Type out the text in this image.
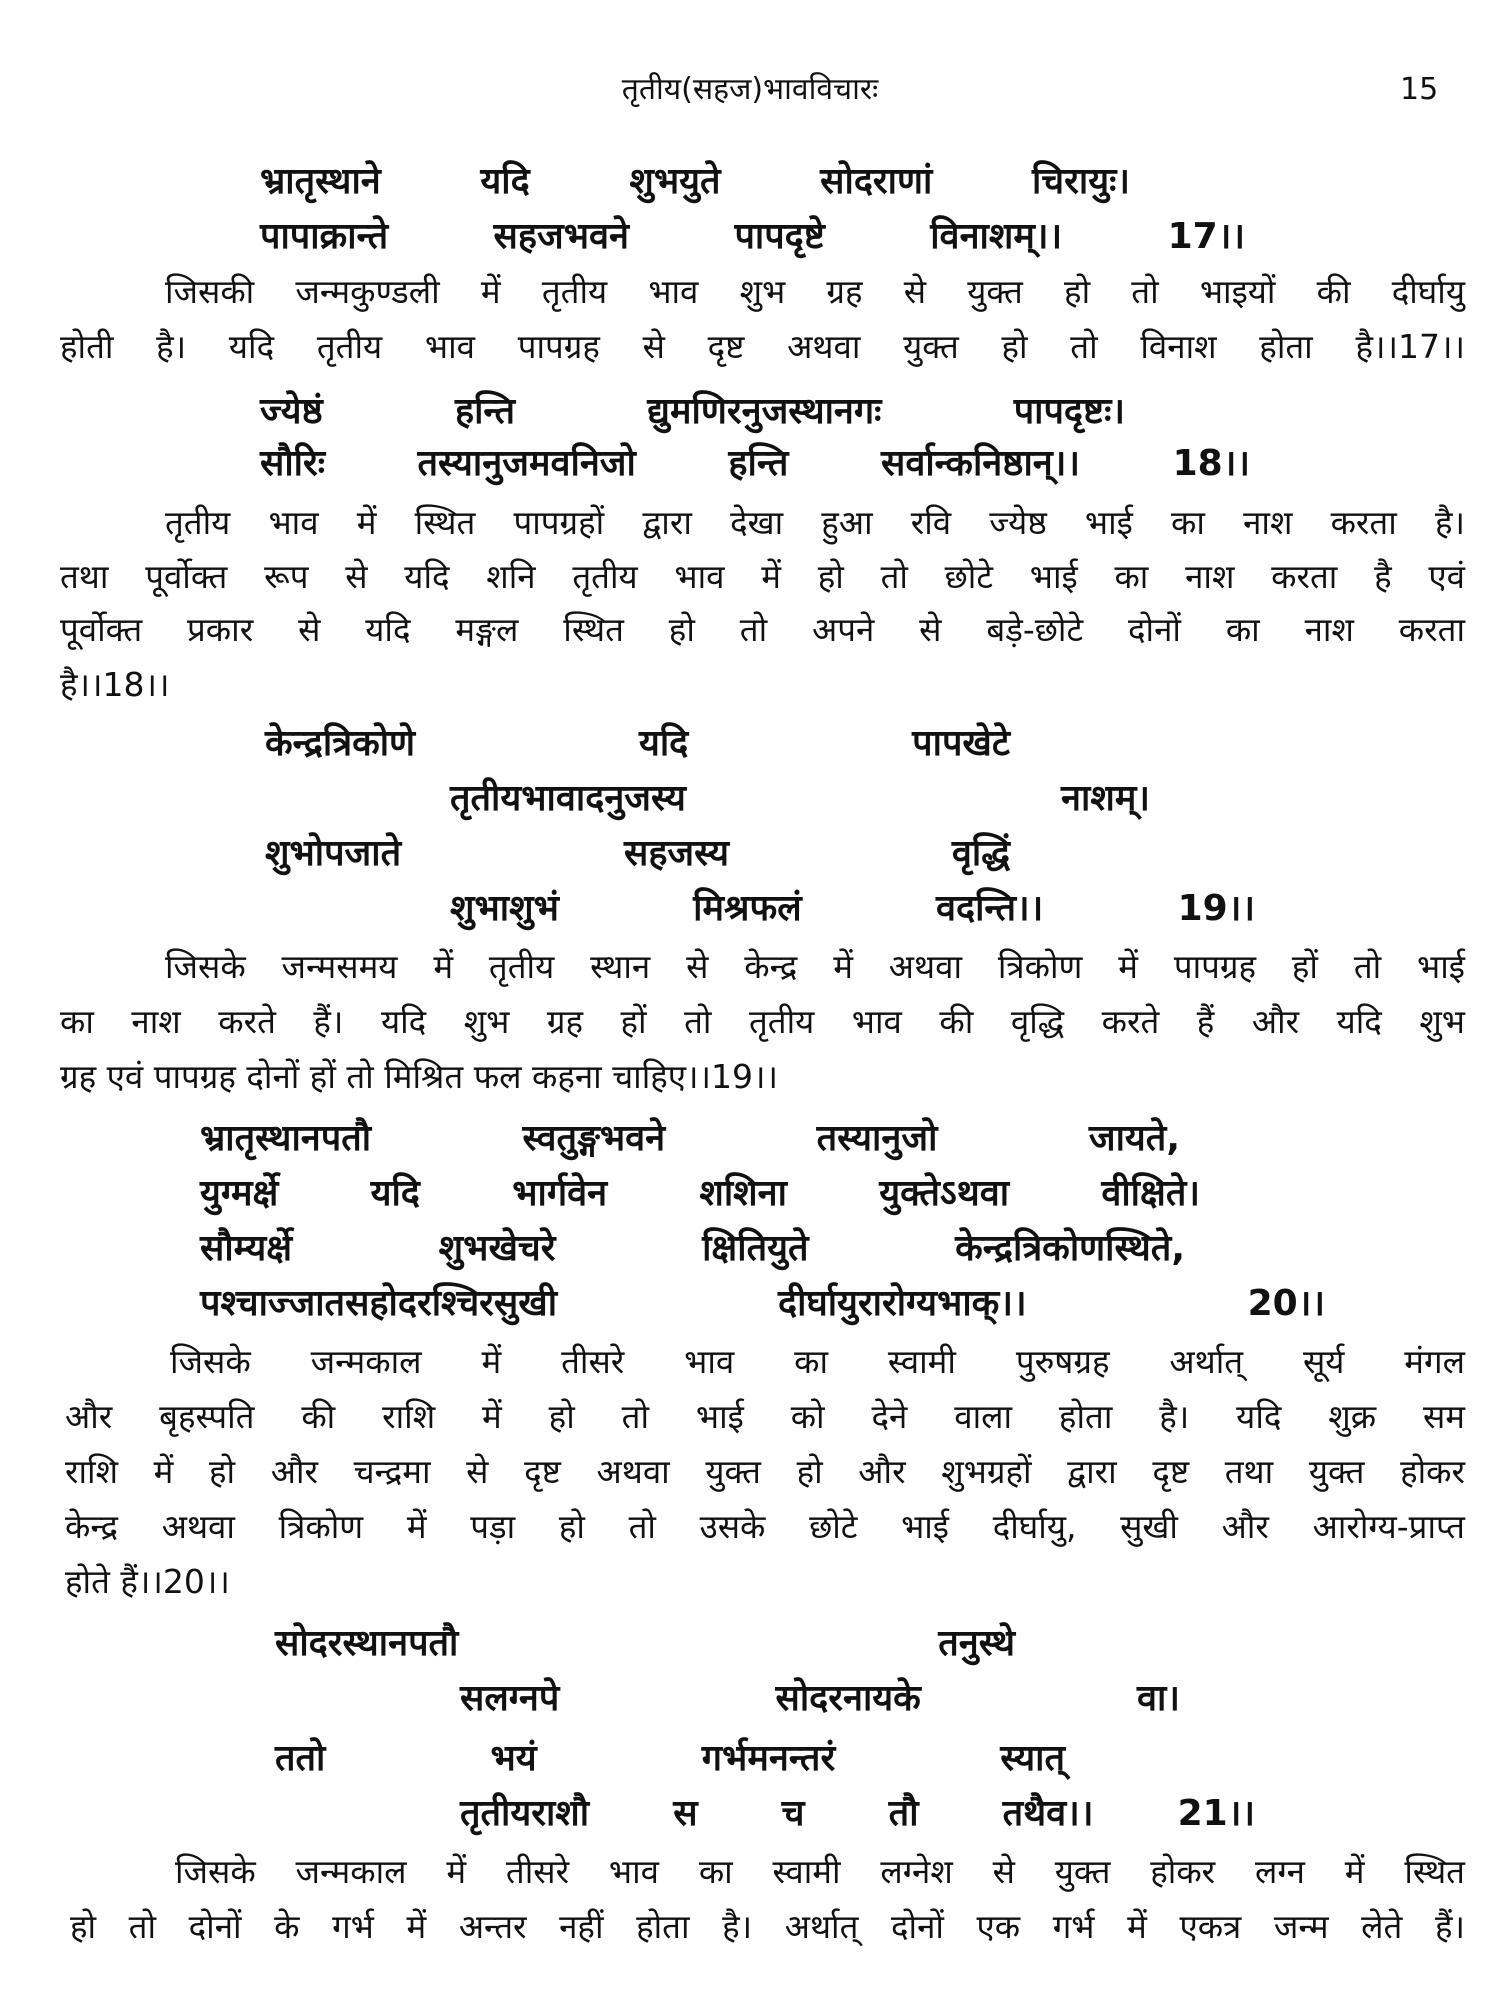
तृतीय(सहज)भावविचारः	15
भ्रातृस्थाने यदि शुभयुते सोदराणां चिरायुः।
पापाक्रान्ते सहजभवने पापदृष्टे विनाशम्।। 17।।
जिसकी जन्मकुण्डली में तृतीय भाव शुभ ग्रह से युक्त हो तो भाइयों की दीर्घायु
होती है। यदि तृतीय भाव पापग्रह से दृष्ट अथवा युक्त हो तो विनाश होता है।।17।।
ज्येष्ठं हन्ति द्युमणिरनुजस्थानगः पापदृष्टः।
सौरिः तस्यानुजमवनिजो हन्ति सर्वान्कनिष्ठान्।। 18।।
तृतीय भाव में स्थित पापग्रहों द्वारा देखा हुआ रवि ज्येष्ठ भाई का नाश करता है।
तथा पूर्वोक्त रूप से यदि शनि तृतीय भाव में हो तो छोटे भाई का नाश करता है एवं
पूर्वोक्त प्रकार से यदि मङ्गल स्थित हो तो अपने से बड़े-छोटे दोनों का नाश करता
है।।18।।
केन्द्रत्रिकोणे यदि पापखेटे
तृतीयभावादनुजस्य नाशम्।
शुभोपजाते सहजस्य वृद्धिं
शुभाशुभं मिश्रफलं वदन्ति।। 19।।
जिसके जन्मसमय में तृतीय स्थान से केन्द्र में अथवा त्रिकोण में पापग्रह हों तो भाई
का नाश करते हैं। यदि शुभ ग्रह हों तो तृतीय भाव की वृद्धि करते हैं और यदि शुभ
ग्रह एवं पापग्रह दोनों हों तो मिश्रित फल कहना चाहिए।।19।।
भ्रातृस्थानपतौ स्वतुङ्गभवने तस्यानुजो जायते,
युग्मर्क्षे यदि भार्गवेन शशिना युक्तेऽथवा वीक्षिते।
सौम्यर्क्षे शुभखेचरे क्षितियुते केन्द्रत्रिकोणस्थिते,
पश्चाज्जातसहोदरश्चिरसुखी दीर्घायुरारोग्यभाक्।। 20।।
जिसके जन्मकाल में तीसरे भाव का स्वामी पुरुषग्रह अर्थात् सूर्य मंगल
और बृहस्पति की राशि में हो तो भाई को देने वाला होता है। यदि शुक्र सम
राशि में हो और चन्द्रमा से दृष्ट अथवा युक्त हो और शुभग्रहों द्वारा दृष्ट तथा युक्त होकर
केन्द्र अथवा त्रिकोण में पड़ा हो तो उसके छोटे भाई दीर्घायु, सुखी और आरोग्य-प्राप्त
होते हैं।।20।।
सोदरस्थानपतौ तनुस्थे
सलग्नपे सोदरनायके वा।
ततो भयं गर्भमनन्तरं स्यात्
तृतीयराशौ स च तौ तथैव।। 21।।
जिसके जन्मकाल में तीसरे भाव का स्वामी लग्नेश से युक्त होकर लग्न में स्थित
हो तो दोनों के गर्भ में अन्तर नहीं होता है। अर्थात् दोनों एक गर्भ में एकत्र जन्म लेते हैं।
